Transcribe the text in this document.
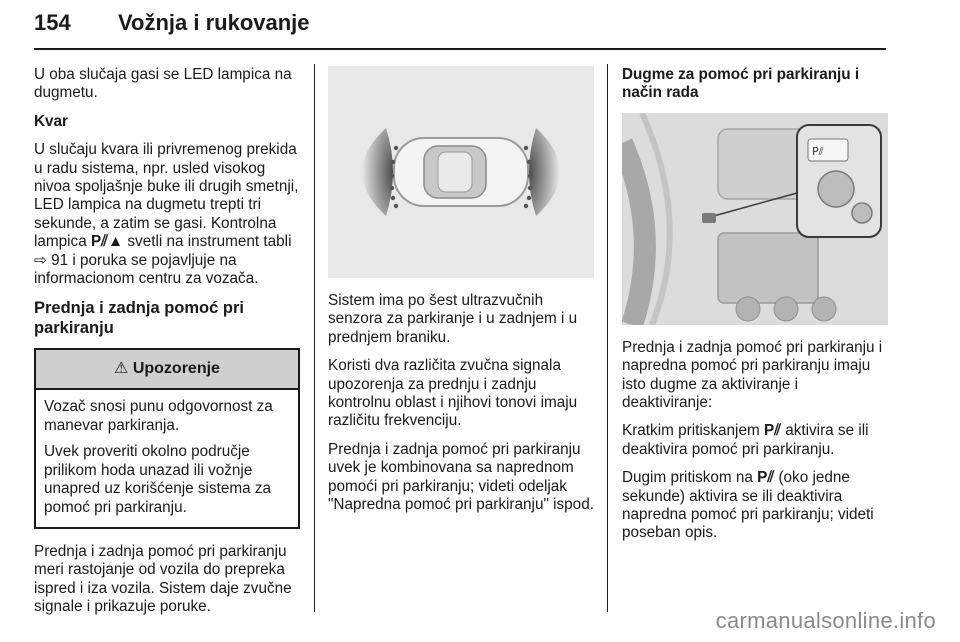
154 Vožnja i rukovanje

U oba slučaja gasi se LED lampica na dugmetu.

Kvar

U slučaju kvara ili privremenog prekida u radu sistema, npr. usled visokog nivoa spoljašnje buke ili drugih smetnji, LED lampica na dugmetu trepti tri sekunde, a zatim se gasi. Kontrolna lampica P⫽▲ svetli na instrument tabli ⇨ 91 i poruka se pojavljuje na informacionom centru za vozača.

Prednja i zadnja pomoć pri parkiranju

⚠ Upozorenje

Vozač snosi punu odgovornost za manevar parkiranja.

Uvek proveriti okolno područje prilikom hoda unazad ili vožnje unapred uz korišćenje sistema za pomoć pri parkiranju.

Prednja i zadnja pomoć pri parkiranju meri rastojanje od vozila do prepreka ispred i iza vozila. Sistem daje zvučne signale i prikazuje poruke.

Sistem ima po šest ultrazvučnih senzora za parkiranje i u zadnjem i u prednjem braniku.

Koristi dva različita zvučna signala upozorenja za prednju i zadnju kontrolnu oblast i njihovi tonovi imaju različitu frekvenciju.

Prednja i zadnja pomoć pri parkiranju uvek je kombinovana sa naprednom pomoći pri parkiranju; videti odeljak "Napredna pomoć pri parkiranju" ispod.

Dugme za pomoć pri parkiranju i način rada

P⫽

Prednja i zadnja pomoć pri parkiranju i napredna pomoć pri parkiranju imaju isto dugme za aktiviranje i deaktiviranje:

Kratkim pritiskanjem P⫽ aktivira se ili deaktivira pomoć pri parkiranju.

Dugim pritiskom na P⫽ (oko jedne sekunde) aktivira se ili deaktivira napredna pomoć pri parkiranju; videti poseban opis.

carmanualsonline.info
